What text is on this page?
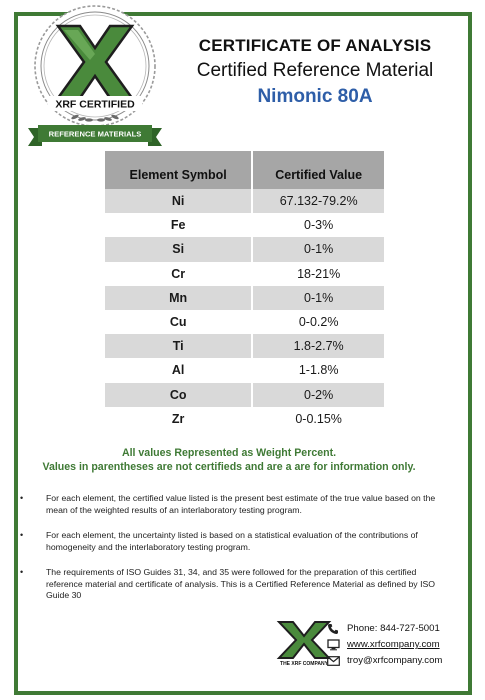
XRF CERTIFIED
REFERENCE MATERIALS
CERTIFICATE OF ANALYSIS
Certified Reference Material
Nimonic 80A
Element Symbol	Certified Value
Ni	67.132-79.2%
Fe	0-3%
Si	0-1%
Cr	18-21%
Mn	0-1%
Cu	0-0.2%
Ti	1.8-2.7%
Al	1-1.8%
Co	0-2%
Zr	0-0.15%
All values Represented as Weight Percent.
Values in parentheses are not certifieds and are a are for information only.
• For each element, the certified value listed is the present best estimate of the true value based on the mean of the weighted results of an interlaboratory testing program.
• For each element, the uncertainty listed is based on a statistical evaluation of the contributions of homogeneity and the interlaboratory testing program.
• The requirements of ISO Guides 31, 34, and 35 were followed for the preparation of this certified reference material and certificate of analysis. This is a Certified Reference Material as defined by ISO Guide 30
THE XRF COMPANY
Phone: 844-727-5001
www.xrfcompany.com
troy@xrfcompany.com
